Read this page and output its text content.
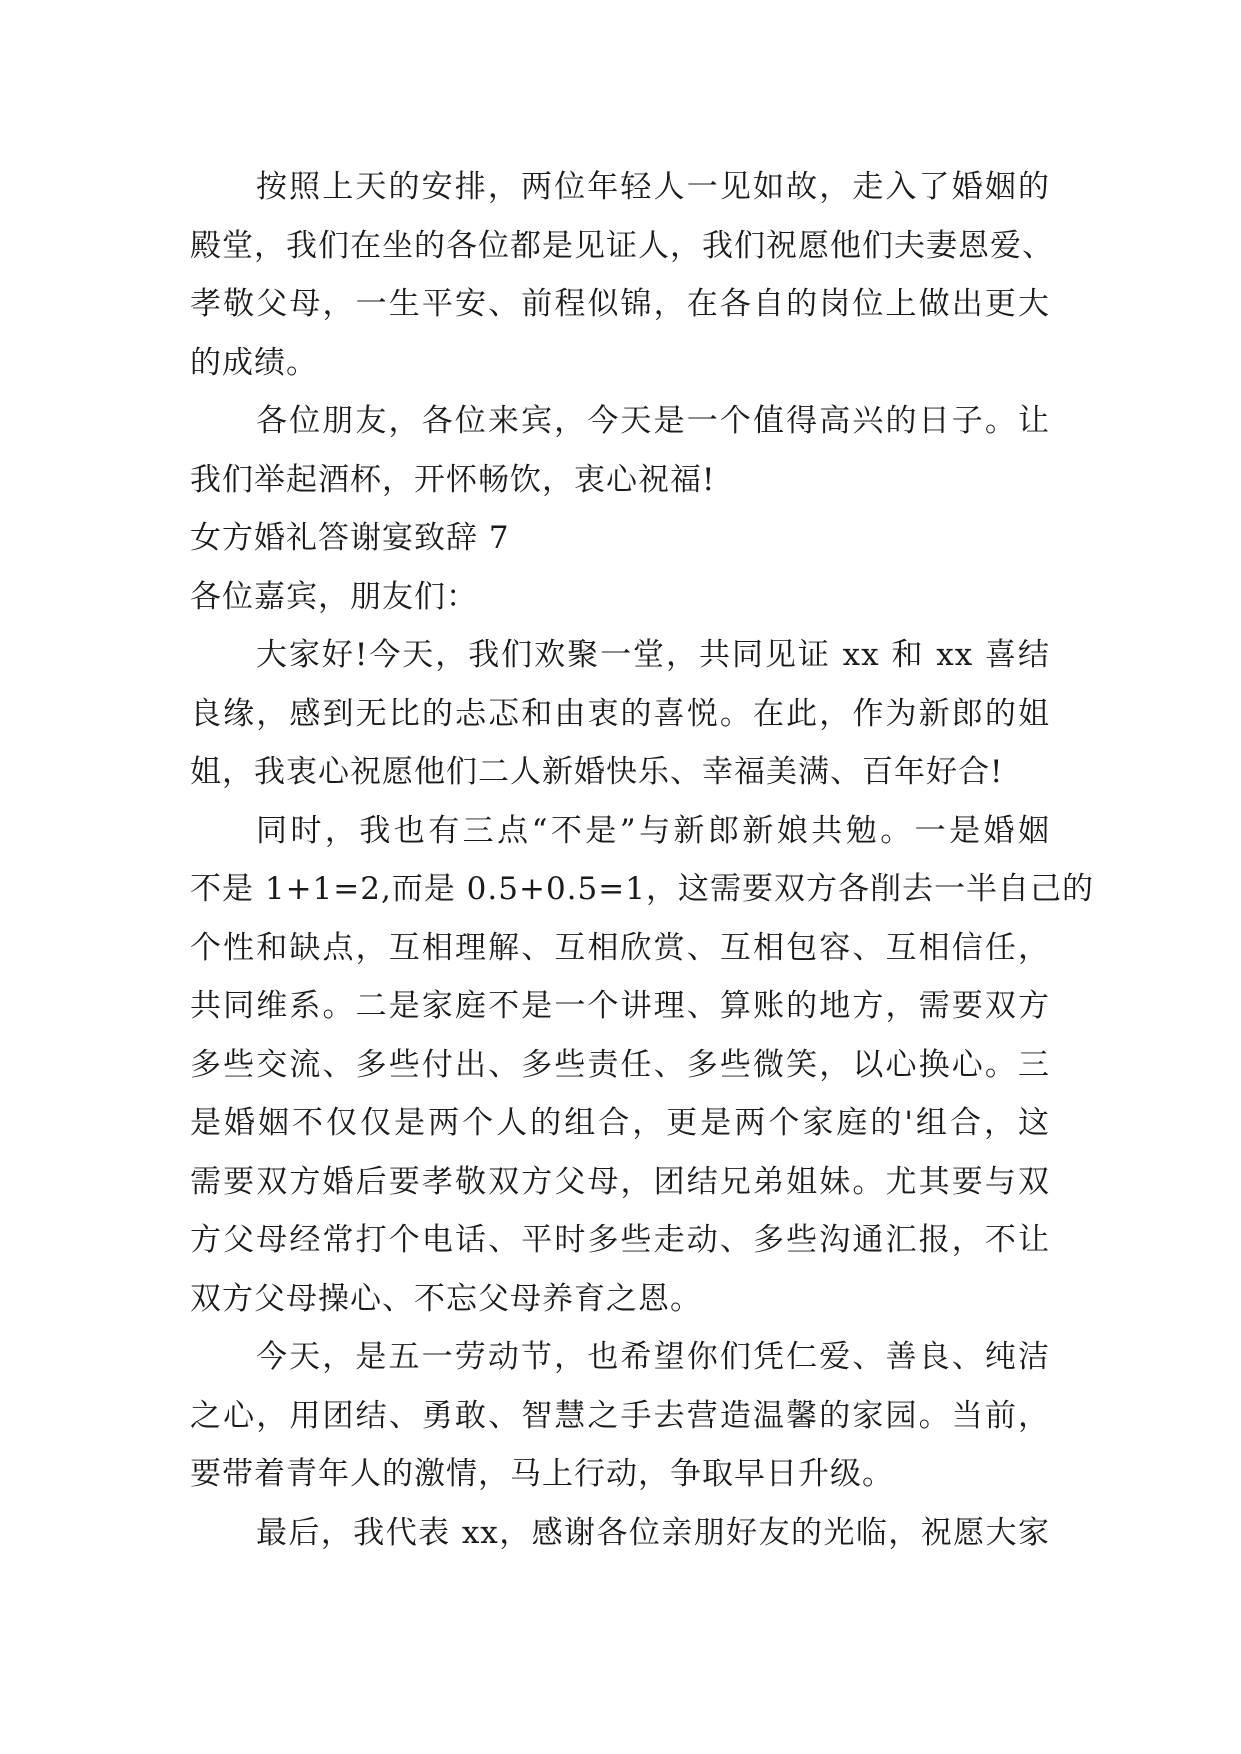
按照上天的安排，两位年轻人一见如故，走入了婚姻的
殿堂，我们在坐的各位都是见证人，我们祝愿他们夫妻恩爱、
孝敬父母，一生平安、前程似锦，在各自的岗位上做出更大
的成绩。
各位朋友，各位来宾，今天是一个值得高兴的日子。让
我们举起酒杯，开怀畅饮，衷心祝福!
女方婚礼答谢宴致辞 7
各位嘉宾，朋友们：
大家好!今天，我们欢聚一堂，共同见证 xx 和 xx 喜结
良缘，感到无比的忐忑和由衷的喜悦。在此，作为新郎的姐
姐，我衷心祝愿他们二人新婚快乐、幸福美满、百年好合!
同时，我也有三点“不是”与新郎新娘共勉。一是婚姻
不是 1+1=2,而是 0.5+0.5=1，这需要双方各削去一半自己的
个性和缺点，互相理解、互相欣赏、互相包容、互相信任，
共同维系。二是家庭不是一个讲理、算账的地方，需要双方
多些交流、多些付出、多些责任、多些微笑，以心换心。三
是婚姻不仅仅是两个人的组合，更是两个家庭的'组合，这
需要双方婚后要孝敬双方父母，团结兄弟姐妹。尤其要与双
方父母经常打个电话、平时多些走动、多些沟通汇报，不让
双方父母操心、不忘父母养育之恩。
今天，是五一劳动节，也希望你们凭仁爱、善良、纯洁
之心，用团结、勇敢、智慧之手去营造温馨的家园。当前，
要带着青年人的激情，马上行动，争取早日升级。
最后，我代表 xx，感谢各位亲朋好友的光临，祝愿大家
